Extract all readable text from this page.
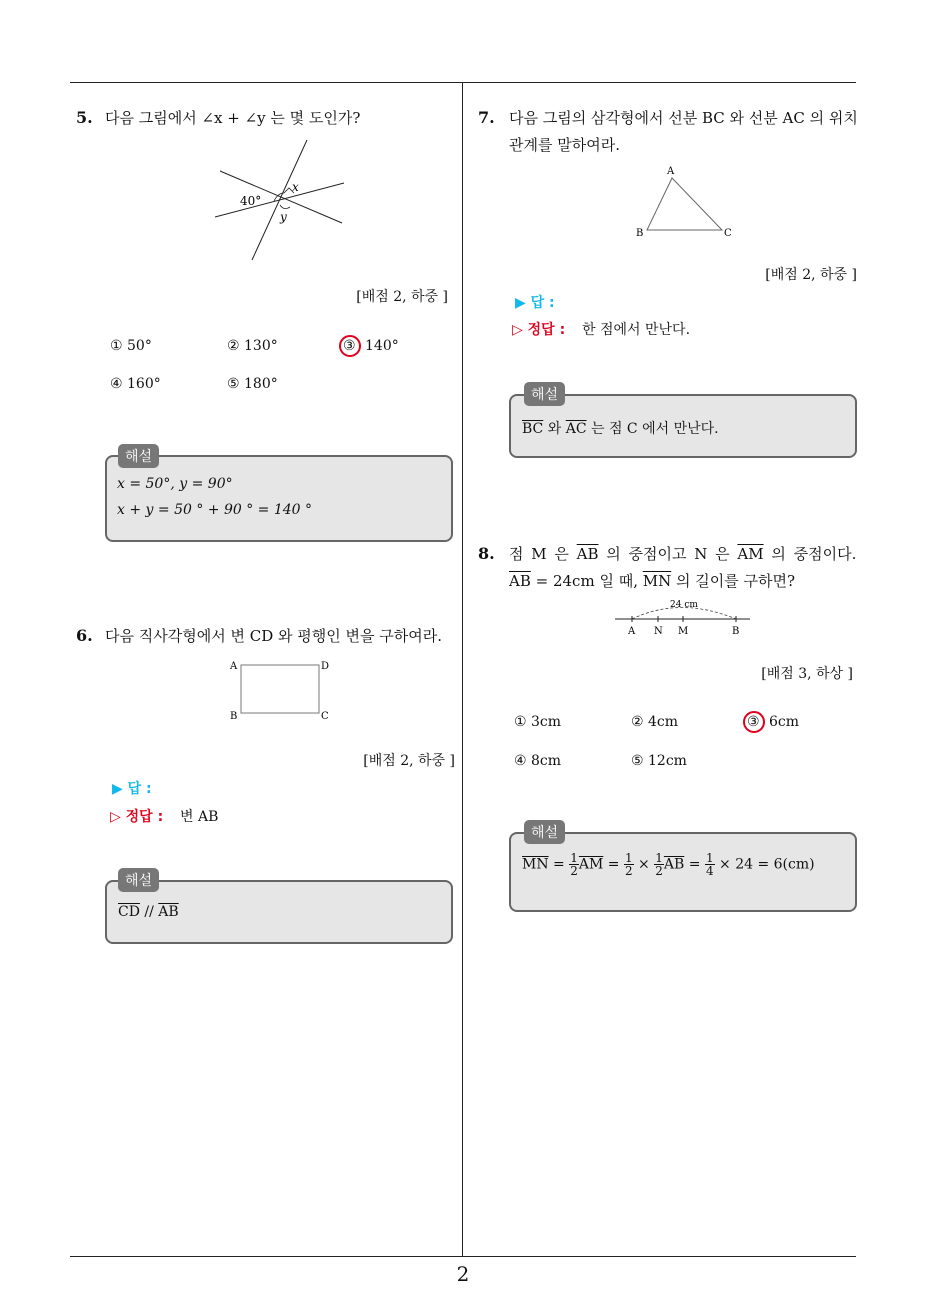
2
5. 다음 그림에서 ∠x + ∠y 는 몇 도인가?
40°
x
y
[배점 2, 하중 ]
① 50°	② 130°	③ 140°
④ 160°	⑤ 180°
해설
x = 50°, y = 90°
x + y = 50 ° + 90 ° = 140 °
6. 다음 직사각형에서 변 CD 와 평행인 변을 구하여라.
A	D
B	C
[배점 2, 하중 ]
▶ 답 :
▷ 정답 : 변 AB
해설
$\overline{CD} // \overline{AB}$
7. 다음 그림의 삼각형에서 선분 BC 와 선분 AC 의 위치
관계를 말하여라.
A
B	C
[배점 2, 하중 ]
▶ 답 :
▷ 정답 : 한 점에서 만난다.
해설
$\overline{BC}$ 와 $\overline{AC}$ 는 점 C 에서 만난다.
8. 점 M 은 $\overline{AB}$ 의 중점이고 N 은 $\overline{AM}$ 의 중점이다.
$\overline{AB} = 24cm$ 일 때, $\overline{MN}$ 의 길이를 구하면?
24 cm
A N M	B
[배점 3, 하상 ]
① 3cm	② 4cm	③ 6cm
④ 8cm	⑤ 12cm
해설
$\overline{MN} = \frac{1}{2} \overline{AM} = \frac{1}{2} \times \frac{1}{2} \overline{AB} = \frac{1}{4} \times 24 = 6(cm)$
